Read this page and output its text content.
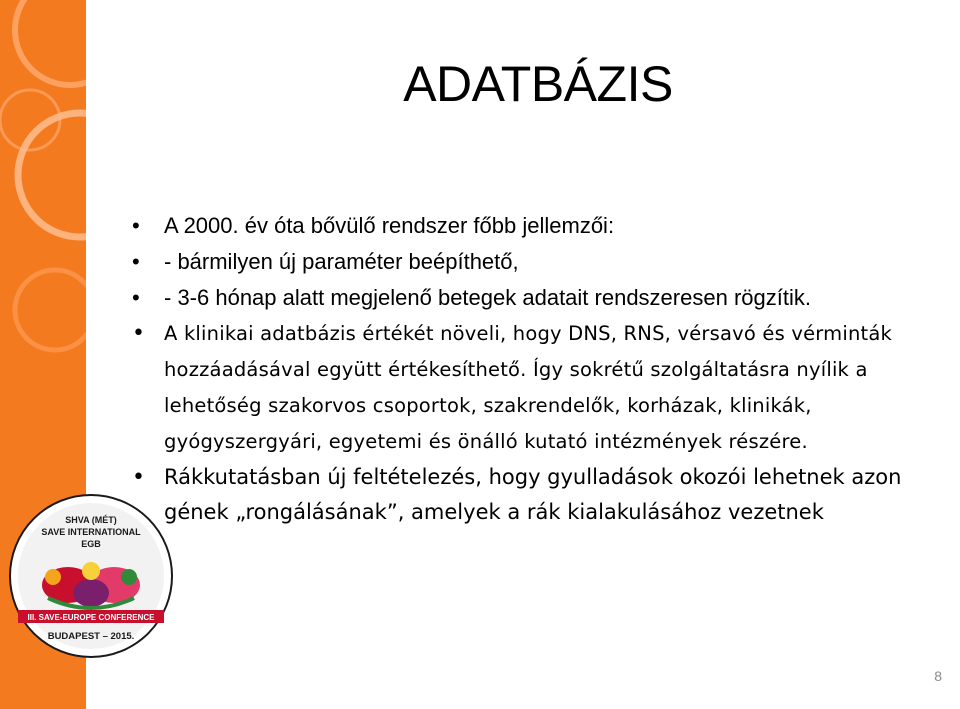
ADATBÁZIS
• A 2000. év óta bővülő rendszer főbb jellemzői:
• - bármilyen új paraméter beépíthető,
• - 3-6 hónap alatt megjelenő betegek adatait rendszeresen rögzítik.
• A klinikai adatbázis értékét növeli, hogy DNS, RNS, vérsavó és vérminták hozzáadásával együtt értékesíthető. Így sokrétű szolgáltatásra nyílik a lehetőség szakorvos csoportok, szakrendelők, korházak, klinikák, gyógyszergyári, egyetemi és önálló kutató intézmények részére.
• Rákkutatásban új feltételezés, hogy gyulladások okozói lehetnek azon gének „rongálásának”, amelyek a rák kialakulásához vezetnek
SHVA (MÉT)
SAVE INTERNATIONAL
EGB
III. SAVE-EUROPE CONFERENCE
BUDAPEST – 2015.
8
